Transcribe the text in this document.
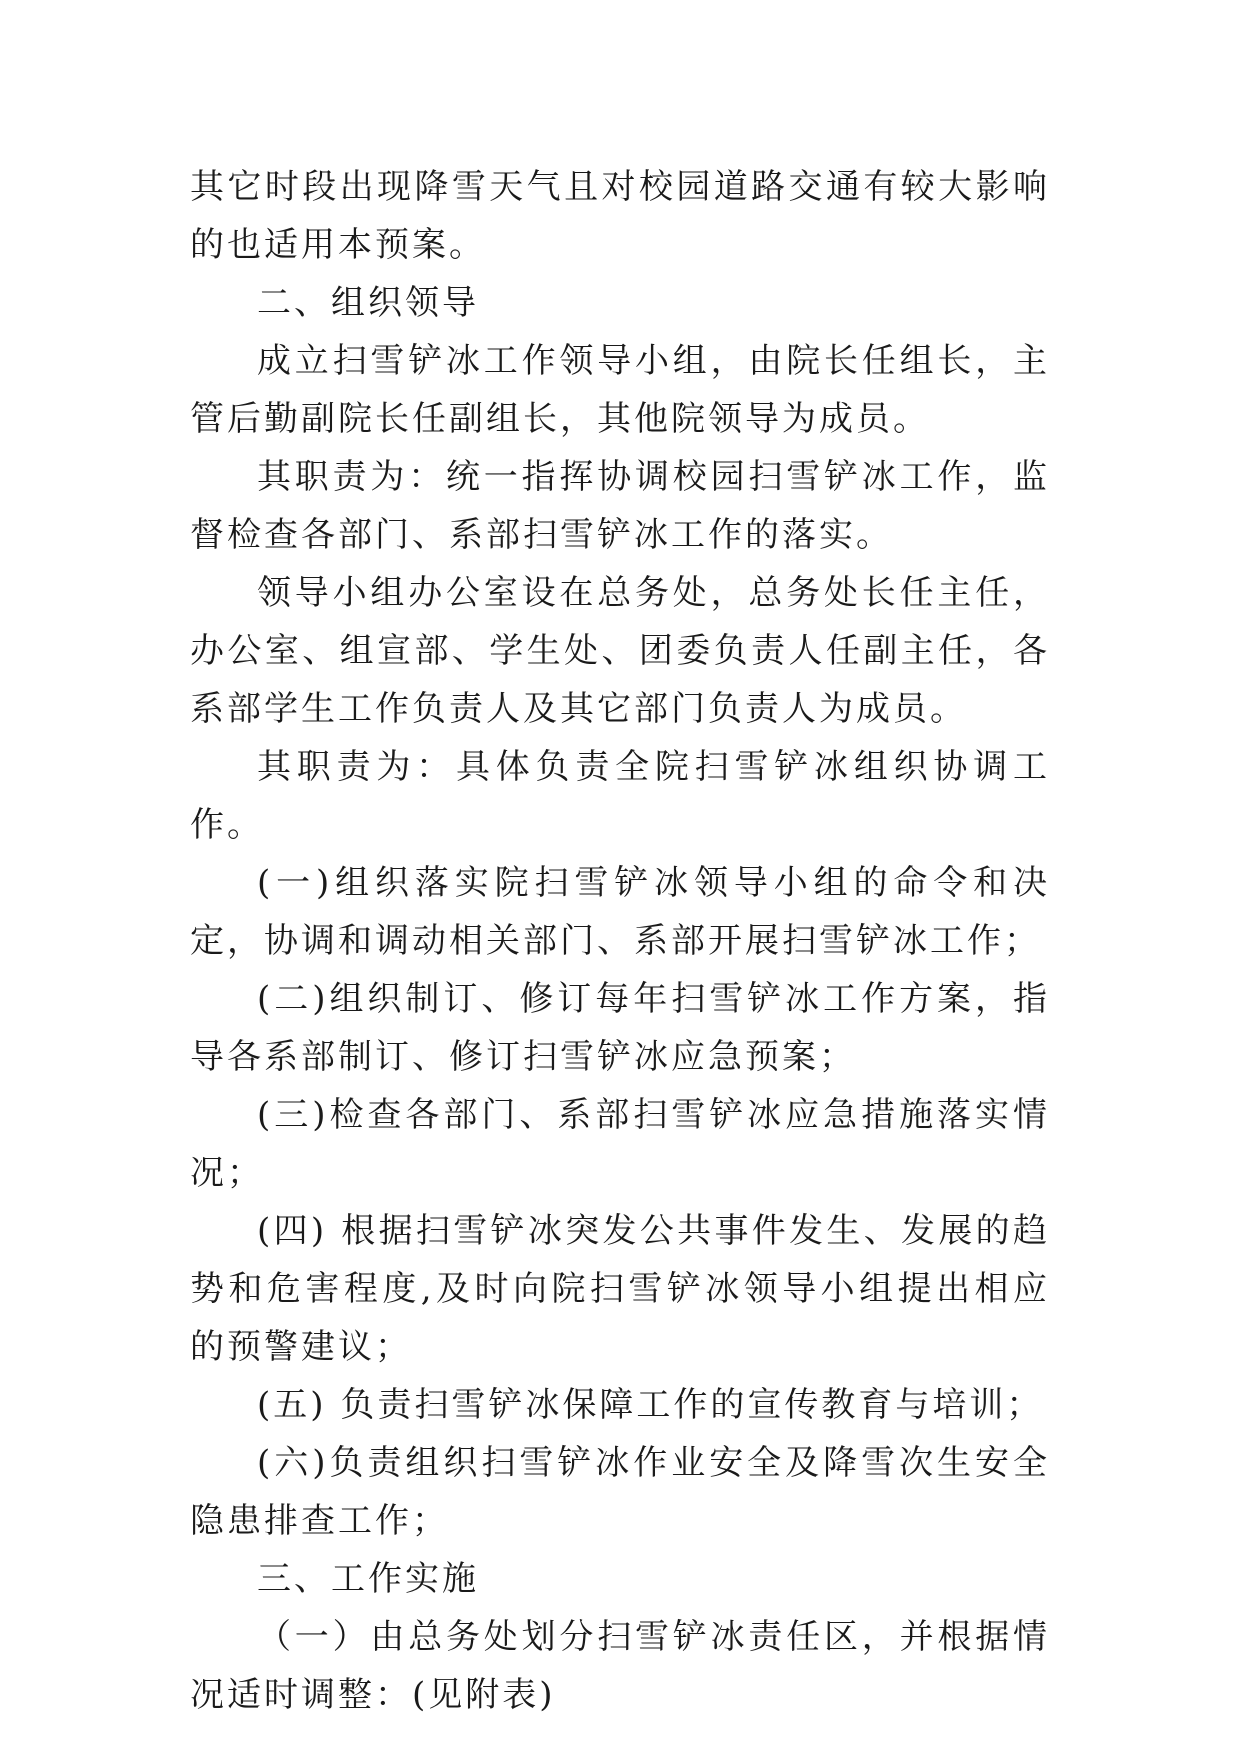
其它时段出现降雪天气且对校园道路交通有较大影响的也适用本预案。

二、组织领导

成立扫雪铲冰工作领导小组，由院长任组长，主管后勤副院长任副组长，其他院领导为成员。

其职责为：统一指挥协调校园扫雪铲冰工作，监督检查各部门、系部扫雪铲冰工作的落实。

领导小组办公室设在总务处，总务处长任主任，办公室、组宣部、学生处、团委负责人任副主任，各系部学生工作负责人及其它部门负责人为成员。

其职责为：具体负责全院扫雪铲冰组织协调工作。

(一)组织落实院扫雪铲冰领导小组的命令和决定，协调和调动相关部门、系部开展扫雪铲冰工作；

(二)组织制订、修订每年扫雪铲冰工作方案，指导各系部制订、修订扫雪铲冰应急预案；

(三)检查各部门、系部扫雪铲冰应急措施落实情况；

(四) 根据扫雪铲冰突发公共事件发生、发展的趋势和危害程度,及时向院扫雪铲冰领导小组提出相应的预警建议；

(五) 负责扫雪铲冰保障工作的宣传教育与培训；

(六)负责组织扫雪铲冰作业安全及降雪次生安全隐患排查工作；

三、工作实施

（一）由总务处划分扫雪铲冰责任区，并根据情况适时调整：(见附表)
